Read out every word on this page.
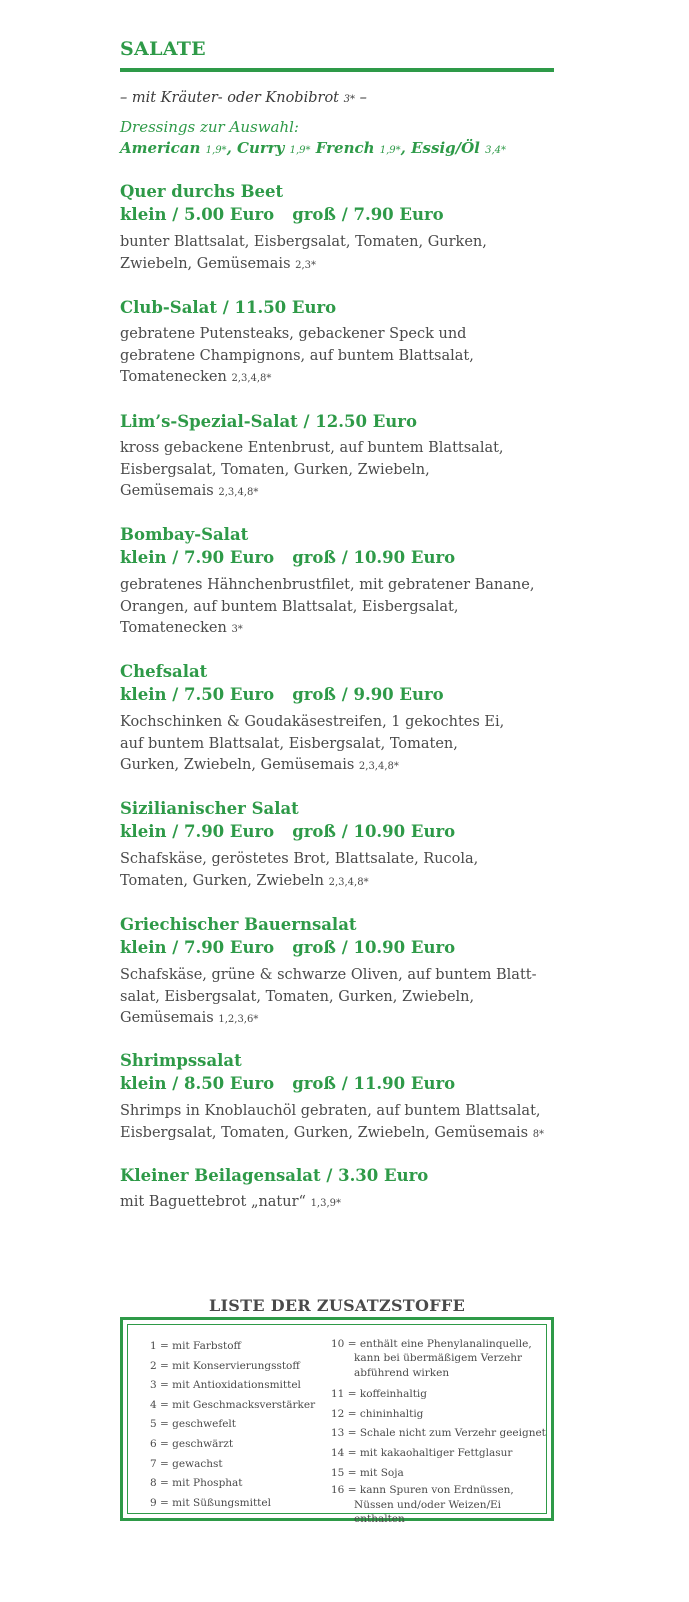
SALATE
– mit Kräuter- oder Knobibrot 3* –
Dressings zur Auswahl:
American 1,9*, Curry 1,9* French 1,9*, Essig/Öl 3,4*
Quer durchs Beet
klein / 5.00 Euro groß / 7.90 Euro
bunter Blattsalat, Eisbergsalat, Tomaten, Gurken,
Zwiebeln, Gemüsemais 2,3*
Club-Salat / 11.50 Euro
gebratene Putensteaks, gebackener Speck und
gebratene Champignons, auf buntem Blattsalat,
Tomatenecken 2,3,4,8*
Lim’s-Spezial-Salat / 12.50 Euro
kross gebackene Entenbrust, auf buntem Blattsalat,
Eisbergsalat, Tomaten, Gurken, Zwiebeln,
Gemüsemais 2,3,4,8*
Bombay-Salat
klein / 7.90 Euro groß / 10.90 Euro
gebratenes Hähnchenbrustfilet, mit gebratener Banane,
Orangen, auf buntem Blattsalat, Eisbergsalat,
Tomatenecken 3*
Chefsalat
klein / 7.50 Euro groß / 9.90 Euro
Kochschinken & Goudakäsestreifen, 1 gekochtes Ei,
auf buntem Blattsalat, Eisbergsalat, Tomaten,
Gurken, Zwiebeln, Gemüsemais 2,3,4,8*
Sizilianischer Salat
klein / 7.90 Euro groß / 10.90 Euro
Schafskäse, geröstetes Brot, Blattsalate, Rucola,
Tomaten, Gurken, Zwiebeln 2,3,4,8*
Griechischer Bauernsalat
klein / 7.90 Euro groß / 10.90 Euro
Schafskäse, grüne & schwarze Oliven, auf buntem Blatt-
salat, Eisbergsalat, Tomaten, Gurken, Zwiebeln,
Gemüsemais 1,2,3,6*
Shrimpssalat
klein / 8.50 Euro groß / 11.90 Euro
Shrimps in Knoblauchöl gebraten, auf buntem Blattsalat,
Eisbergsalat, Tomaten, Gurken, Zwiebeln, Gemüsemais 8*
Kleiner Beilagensalat / 3.30 Euro
mit Baguettebrot „natur“ 1,3,9*
LISTE DER ZUSATZSTOFFE
1 = mit Farbstoff
2 = mit Konservierungsstoff
3 = mit Antioxidationsmittel
4 = mit Geschmacksverstärker
5 = geschwefelt
6 = geschwärzt
7 = gewachst
8 = mit Phosphat
9 = mit Süßungsmittel
10 = enthält eine Phenylanalinquelle, kann bei übermäßigem Verzehr abführend wirken
11 = koffeinhaltig
12 = chininhaltig
13 = Schale nicht zum Verzehr geeignet
14 = mit kakaohaltiger Fettglasur
15 = mit Soja
16 = kann Spuren von Erdnüssen, Nüssen und/oder Weizen/Ei enthalten
